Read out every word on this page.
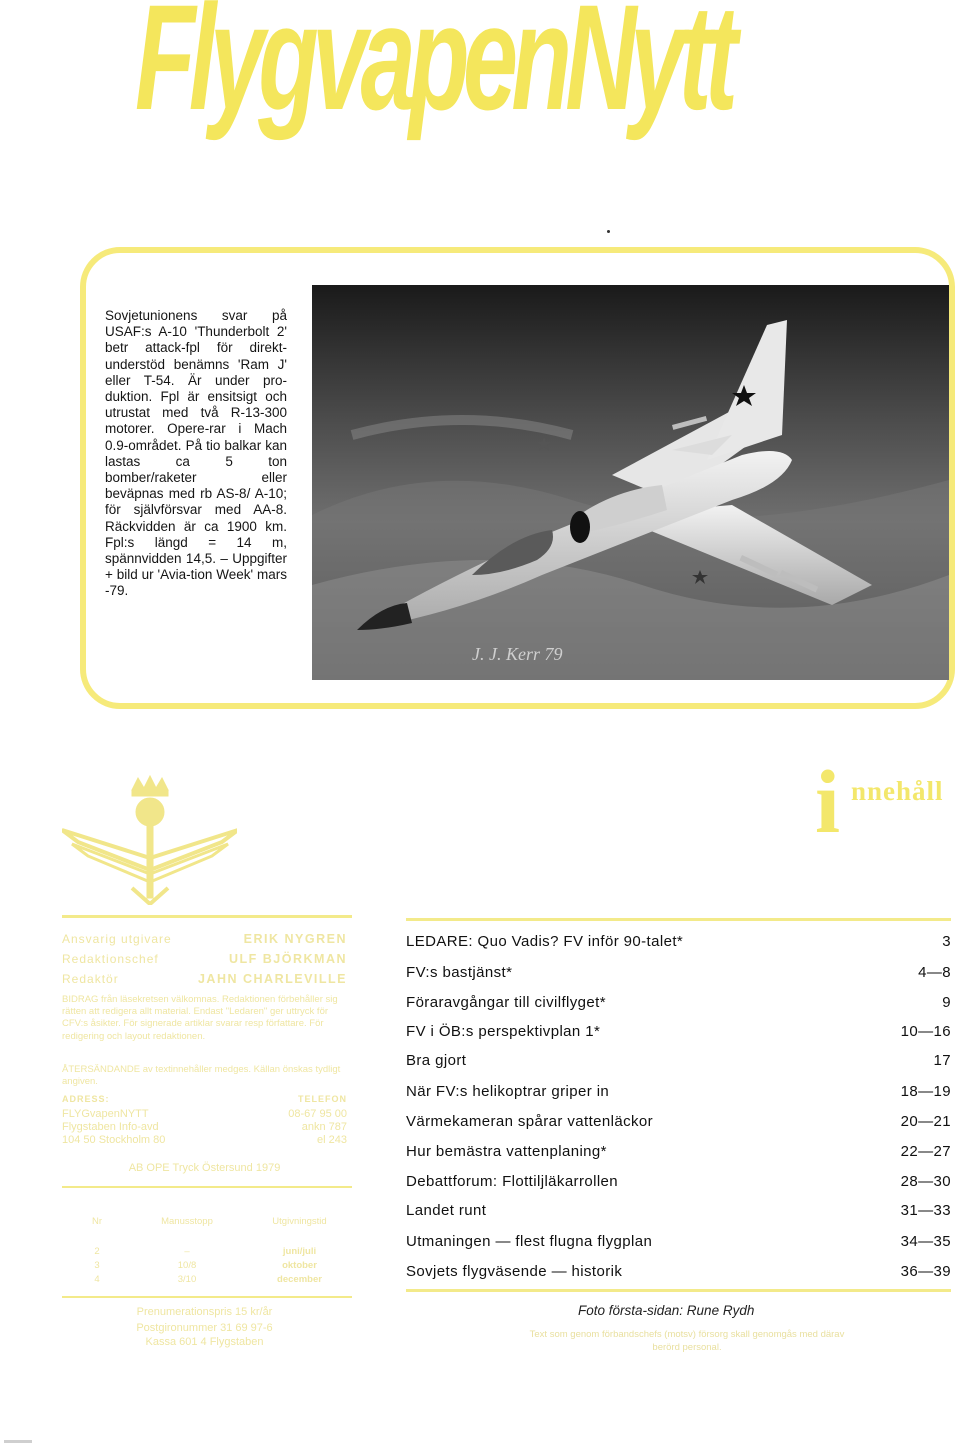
FlygvapenNytt
Sovjetunionens svar på USAF:s A-10 'Thunderbolt 2' betr attack-fpl för direkt-understöd benämns 'Ram J' eller T-54. Är under pro-duktion. Fpl är ensitsigt och utrustat med två R-13-300 motorer. Opere-rar i Mach 0.9-området. På tio balkar kan lastas ca 5 ton bomber/raketer eller beväpnas med rb AS-8/ A-10; för självförsvar med AA-8. Räckvidden är ca 1900 km. Fpl:s längd = 14 m, spännvidden 14,5. – Uppgifter + bild ur 'Avia-tion Week' mars -79.
J. J. Kerr 79
i nnehåll
Ansvarig utgivare	ERIK NYGREN
Redaktionschef	ULF BJÖRKMAN
Redaktör	JAHN CHARLEVILLE

BIDRAG från läsekretsen välkomnas. Redaktionen förbehåller sig rätten att redigera allt material. Endast "Ledaren" ger uttryck för CFV:s åsikter. För signerade artiklar svarar resp författare. För redigering och layout redaktionen.

ÅTERSÄNDANDE av textinnehåller medges. Källan önskas tydligt angiven.

ADRESS:	TELEFON
FLYGvapenNYTT	08-67 95 00
Flygstaben Info-avd	ankn 787
104 50 Stockholm 80	el 243
AB OPE Tryck Östersund 1979
Nr	Manusstopp	Utgivningstid
2	–	juni/juli
3	10/8	oktober
4	3/10	december
Prenumerationspris 15 kr/år
Postgironummer 31 69 97-6
Kassa 601 4 Flygstaben
LEDARE: Quo Vadis? FV inför 90-talet*	3
FV:s bastjänst*	4—8
Föraravgångar till civilflyget*	9
FV i ÖB:s perspektivplan 1*	10—16
Bra gjort	17
När FV:s helikoptrar griper in	18—19
Värmekameran spårar vattenläckor	20—21
Hur bemästra vattenplaning*	22—27
Debattforum: Flottiljläkarrollen	28—30
Landet runt	31—33
Utmaningen — flest flugna flygplan	34—35
Sovjets flygväsende — historik	36—39
Foto första-sidan: Rune Rydh
Text som genom förbandschefs (motsv) försorg skall genomgås med därav berörd personal.
